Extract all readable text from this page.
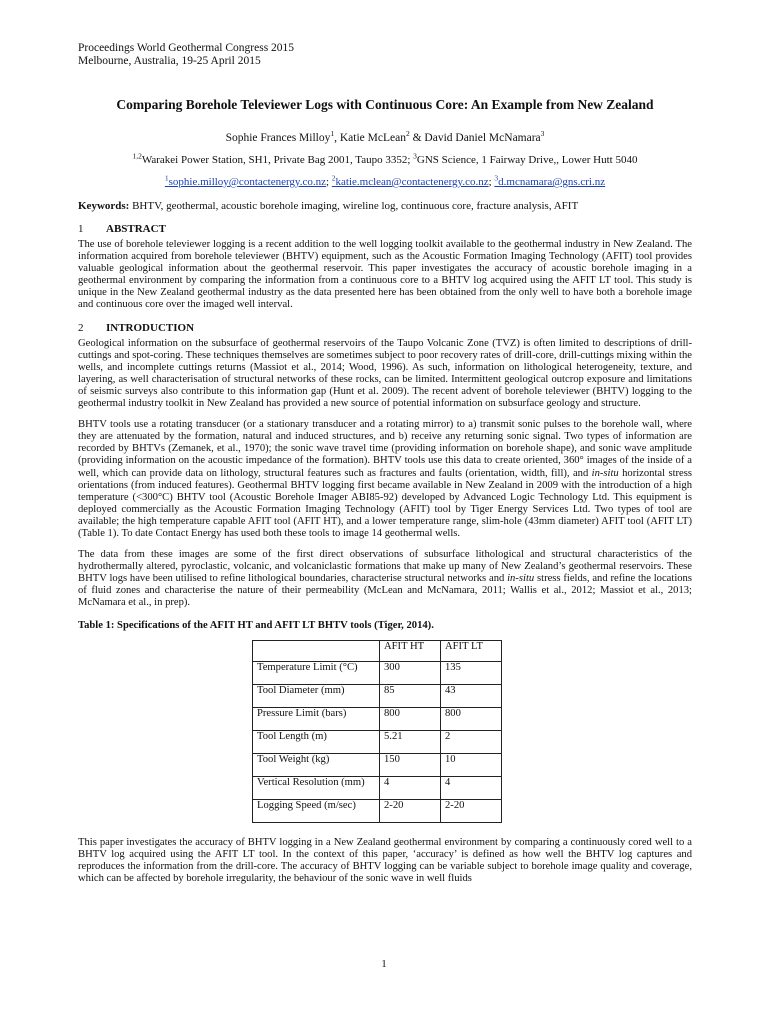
Proceedings World Geothermal Congress 2015
Melbourne, Australia, 19-25 April 2015
Comparing Borehole Televiewer Logs with Continuous Core: An Example from New Zealand
Sophie Frances Milloy$^1$, Katie McLean$^2$ & David Daniel McNamara$^3$
$^{1,2}$Warakei Power Station, SH1, Private Bag 2001, Taupo 3352; $^3$GNS Science, 1 Fairway Drive,, Lower Hutt 5040
$^1$sophie.milloy@contactenergy.co.nz; $^2$katie.mclean@contactenergy.co.nz; $^3$d.mcnamara@gns.cri.nz
Keywords: BHTV, geothermal, acoustic borehole imaging, wireline log, continuous core, fracture analysis, AFIT
1	ABSTRACT
The use of borehole televiewer logging is a recent addition to the well logging toolkit available to the geothermal industry in New Zealand. The information acquired from borehole televiewer (BHTV) equipment, such as the Acoustic Formation Imaging Technology (AFIT) tool provides valuable geological information about the geothermal reservoir. This paper investigates the accuracy of acoustic borehole imaging in a geothermal environment by comparing the information from a continuous core to a BHTV log acquired using the AFIT LT tool. This study is unique in the New Zealand geothermal industry as the data presented here has been obtained from the only well to have both a borehole image and continuous core over the imaged well interval.
2	INTRODUCTION
Geological information on the subsurface of geothermal reservoirs of the Taupo Volcanic Zone (TVZ) is often limited to descriptions of drill-cuttings and spot-coring. These techniques themselves are sometimes subject to poor recovery rates of drill-core, drill-cuttings mixing within the wells, and incomplete cuttings returns (Massiot et al., 2014; Wood, 1996). As such, information on lithological heterogeneity, texture, and layering, as well characterisation of structural networks of these rocks, can be limited. Intermittent geological outcrop exposure and limitations of seismic surveys also contribute to this information gap (Hunt et al. 2009). The recent advent of borehole televiewer (BHTV) logging to the geothermal industry toolkit in New Zealand has provided a new source of potential information on subsurface geology and structure.
BHTV tools use a rotating transducer (or a stationary transducer and a rotating mirror) to a) transmit sonic pulses to the borehole wall, where they are attenuated by the formation, natural and induced structures, and b) receive any returning sonic signal. Two types of information are recorded by BHTVs (Zemanek, et al., 1970); the sonic wave travel time (providing information on borehole shape), and sonic wave amplitude (providing information on the acoustic impedance of the formation). BHTV tools use this data to create oriented, 360° images of the inside of a well, which can provide data on lithology, structural features such as fractures and faults (orientation, width, fill), and in-situ horizontal stress orientations (from induced features). Geothermal BHTV logging first became available in New Zealand in 2009 with the introduction of a high temperature (<300°C) BHTV tool (Acoustic Borehole Imager ABI85-92) developed by Advanced Logic Technology Ltd. This equipment is deployed commercially as the Acoustic Formation Imaging Technology (AFIT) tool by Tiger Energy Services Ltd. Two types of tool are available; the high temperature capable AFIT tool (AFIT HT), and a lower temperature range, slim-hole (43mm diameter) AFIT tool (AFIT LT) (Table 1). To date Contact Energy has used both these tools to image 14 geothermal wells.
The data from these images are some of the first direct observations of subsurface lithological and structural characteristics of the hydrothermally altered, pyroclastic, volcanic, and volcaniclastic formations that make up many of New Zealand’s geothermal reservoirs. These BHTV logs have been utilised to refine lithological boundaries, characterise structural networks and in-situ stress fields, and refine the locations of fluid zones and characterise the nature of their permeability (McLean and McNamara, 2011; Wallis et al., 2012; Massiot et al., 2013; McNamara et al., in prep).
Table 1: Specifications of the AFIT HT and AFIT LT BHTV tools (Tiger, 2014).
	AFIT HT	AFIT LT
Temperature Limit (°C)	300	135
Tool Diameter (mm)	85	43
Pressure Limit (bars)	800	800
Tool Length (m)	5.21	2
Tool Weight (kg)	150	10
Vertical Resolution (mm)	4	4
Logging Speed (m/sec)	2-20	2-20
This paper investigates the accuracy of BHTV logging in a New Zealand geothermal environment by comparing a continuously cored well to a BHTV log acquired using the AFIT LT tool. In the context of this paper, ‘accuracy’ is defined as how well the BHTV log captures and reproduces the information from the drill-core. The accuracy of BHTV logging can be variable subject to borehole image quality and coverage, which can be affected by borehole irregularity, the behaviour of the sonic wave in well fluids
1
